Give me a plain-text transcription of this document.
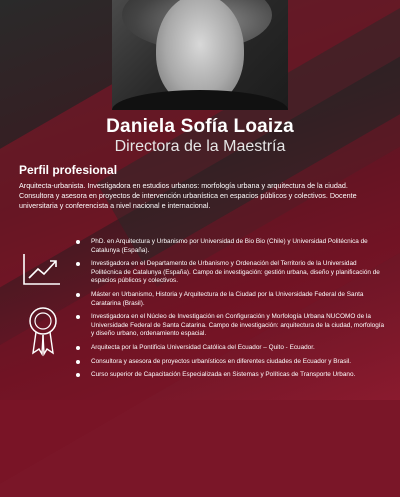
Daniela Sofía Loaiza
Directora de la Maestría
Perfil profesional
Arquitecta-urbanista. Investigadora en estudios urbanos: morfología urbana y arquitectura de la ciudad. Consultora y asesora en proyectos de intervención urbanística en espacios públicos y colectivos. Docente universitaria y conferencista a nivel nacional e internacional.
PhD. en Arquitectura y Urbanismo por Universidad de Bio Bio (Chile) y Universidad Politécnica de Catalunya (España).
Investigadora en el Departamento de Urbanismo y Ordenación del Territorio de la Universidad Politécnica de Catalunya (España). Campo de investigación: gestión urbana, diseño y planificación de espacios públicos y colectivos.
Máster en Urbanismo, Historia y Arquitectura de la Ciudad por la Universidade Federal de Santa Caratarina (Brasil).
Investigadora en el Núcleo de Investigación en Configuración y Morfología Urbana NUCOMO de la Universidade Federal de Santa Catarina. Campo de investigación: arquitectura de la ciudad, morfología y diseño urbano, ordenamiento espacial.
Arquitecta por la Pontificia Universidad Católica del Ecuador – Quito - Ecuador.
Consultora y asesora de proyectos urbanísticos en diferentes ciudades de Ecuador y Brasil.
Curso superior de Capacitación Especializada en Sistemas y Políticas de Transporte Urbano.
